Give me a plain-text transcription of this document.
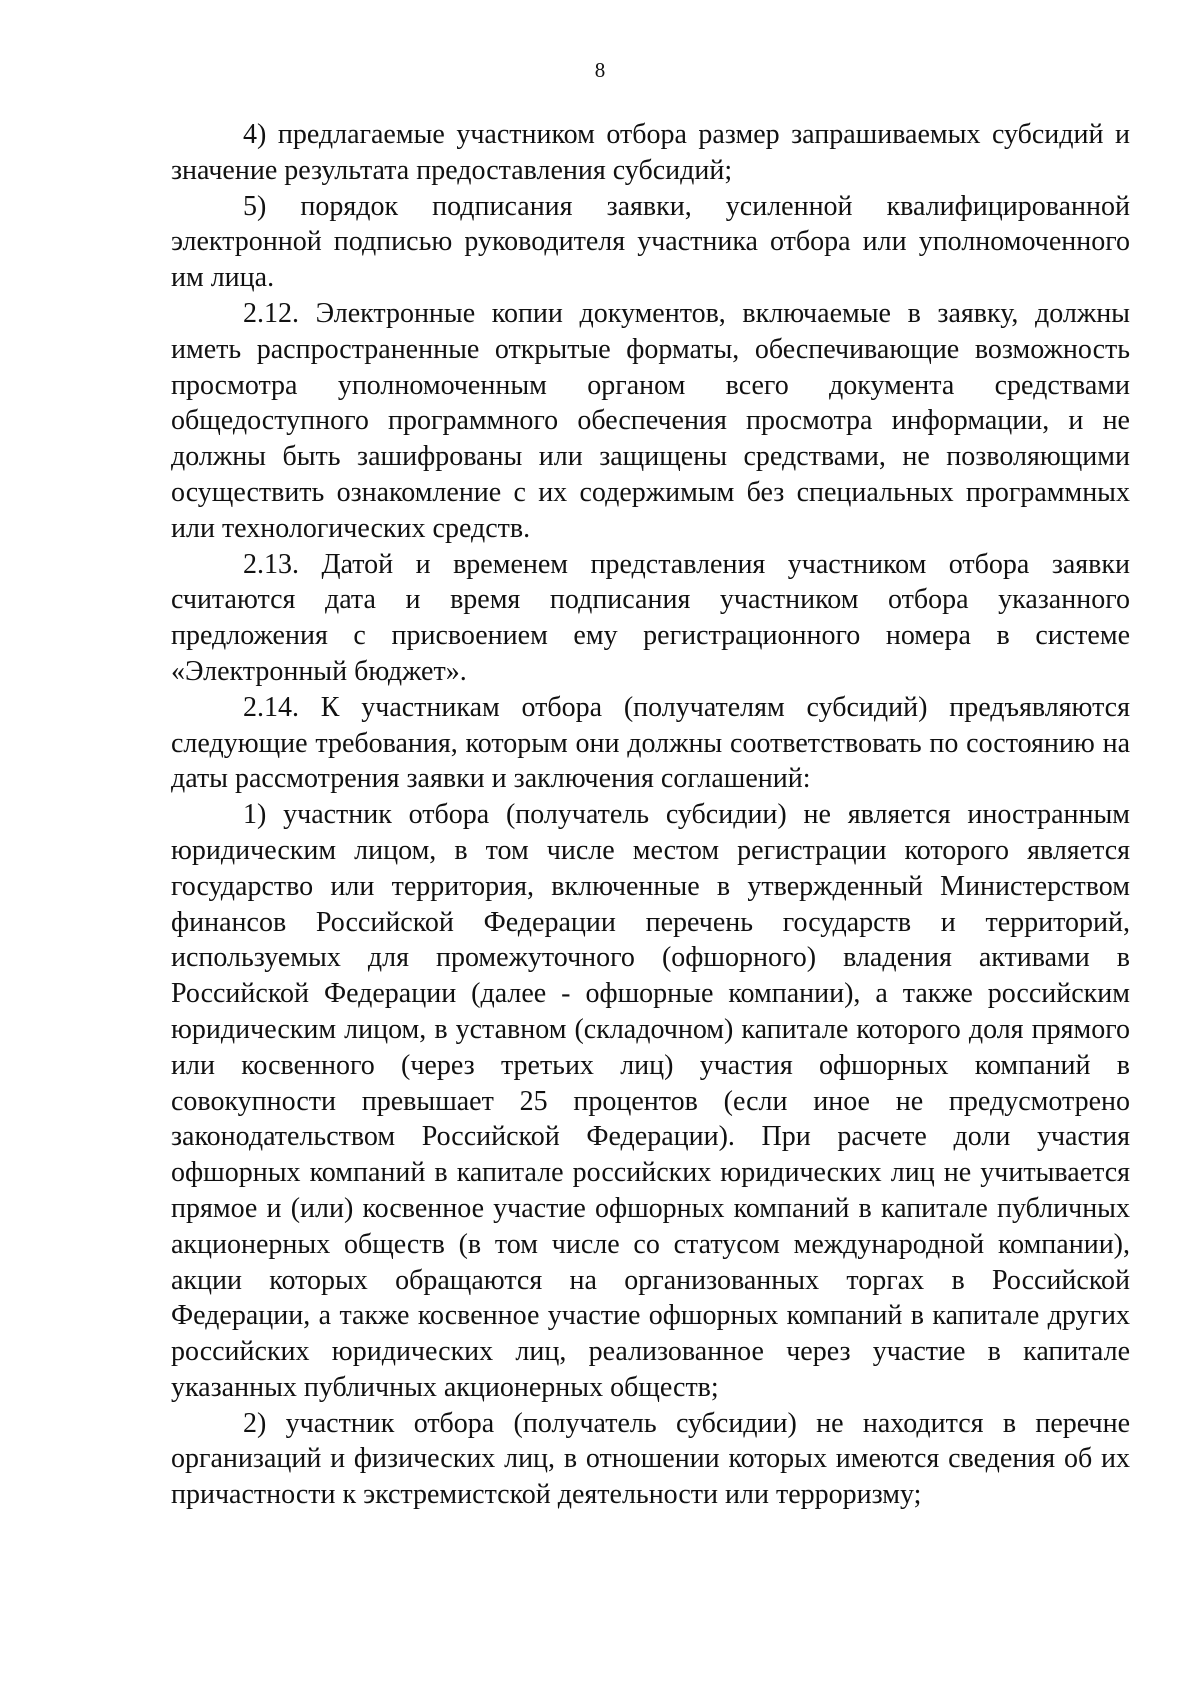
8

4) предлагаемые участником отбора размер запрашиваемых субсидий и значение результата предоставления субсидий;

5) порядок подписания заявки, усиленной квалифицированной электронной подписью руководителя участника отбора или уполномоченного им лица.

2.12. Электронные копии документов, включаемые в заявку, должны иметь распространенные открытые форматы, обеспечивающие возможность просмотра уполномоченным органом всего документа средствами общедоступного программного обеспечения просмотра информации, и не должны быть зашифрованы или защищены средствами, не позволяющими осуществить ознакомление с их содержимым без специальных программных или технологических средств.

2.13. Датой и временем представления участником отбора заявки считаются дата и время подписания участником отбора указанного предложения с присвоением ему регистрационного номера в системе «Электронный бюджет».

2.14. К участникам отбора (получателям субсидий) предъявляются следующие требования, которым они должны соответствовать по состоянию на даты рассмотрения заявки и заключения соглашений:

1) участник отбора (получатель субсидии) не является иностранным юридическим лицом, в том числе местом регистрации которого является государство или территория, включенные в утвержденный Министерством финансов Российской Федерации перечень государств и территорий, используемых для промежуточного (офшорного) владения активами в Российской Федерации (далее - офшорные компании), а также российским юридическим лицом, в уставном (складочном) капитале которого доля прямого или косвенного (через третьих лиц) участия офшорных компаний в совокупности превышает 25 процентов (если иное не предусмотрено законодательством Российской Федерации). При расчете доли участия офшорных компаний в капитале российских юридических лиц не учитывается прямое и (или) косвенное участие офшорных компаний в капитале публичных акционерных обществ (в том числе со статусом международной компании), акции которых обращаются на организованных торгах в Российской Федерации, а также косвенное участие офшорных компаний в капитале других российских юридических лиц, реализованное через участие в капитале указанных публичных акционерных обществ;

2) участник отбора (получатель субсидии) не находится в перечне организаций и физических лиц, в отношении которых имеются сведения об их причастности к экстремистской деятельности или терроризму;
